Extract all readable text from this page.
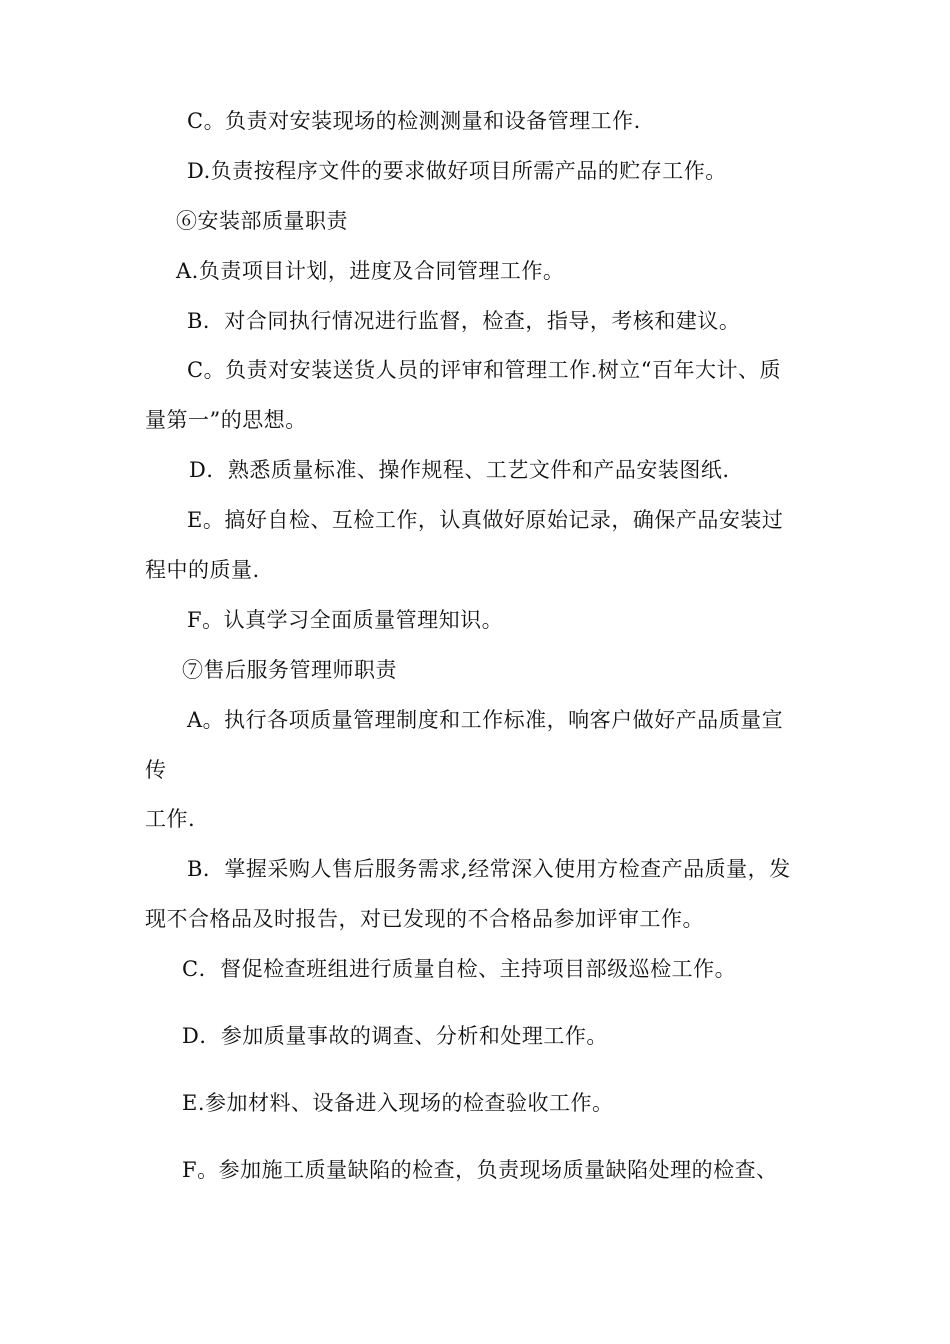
C。负责对安装现场的检测测量和设备管理工作.
D.负责按程序文件的要求做好项目所需产品的贮存工作。
⑥安装部质量职责
A.负责项目计划，进度及合同管理工作。
B．对合同执行情况进行监督，检查，指导，考核和建议。
C。负责对安装送货人员的评审和管理工作.树立“百年大计、质
量第一”的思想。
D．熟悉质量标准、操作规程、工艺文件和产品安装图纸.
E。搞好自检、互检工作，认真做好原始记录，确保产品安装过
程中的质量.
F。认真学习全面质量管理知识。
⑦售后服务管理师职责
A。执行各项质量管理制度和工作标准，响客户做好产品质量宣
传
工作.
B．掌握采购人售后服务需求,经常深入使用方检查产品质量，发
现不合格品及时报告，对已发现的不合格品参加评审工作。
C．督促检查班组进行质量自检、主持项目部级巡检工作。
D．参加质量事故的调查、分析和处理工作。
E.参加材料、设备进入现场的检查验收工作。
F。参加施工质量缺陷的检查，负责现场质量缺陷处理的检查、
